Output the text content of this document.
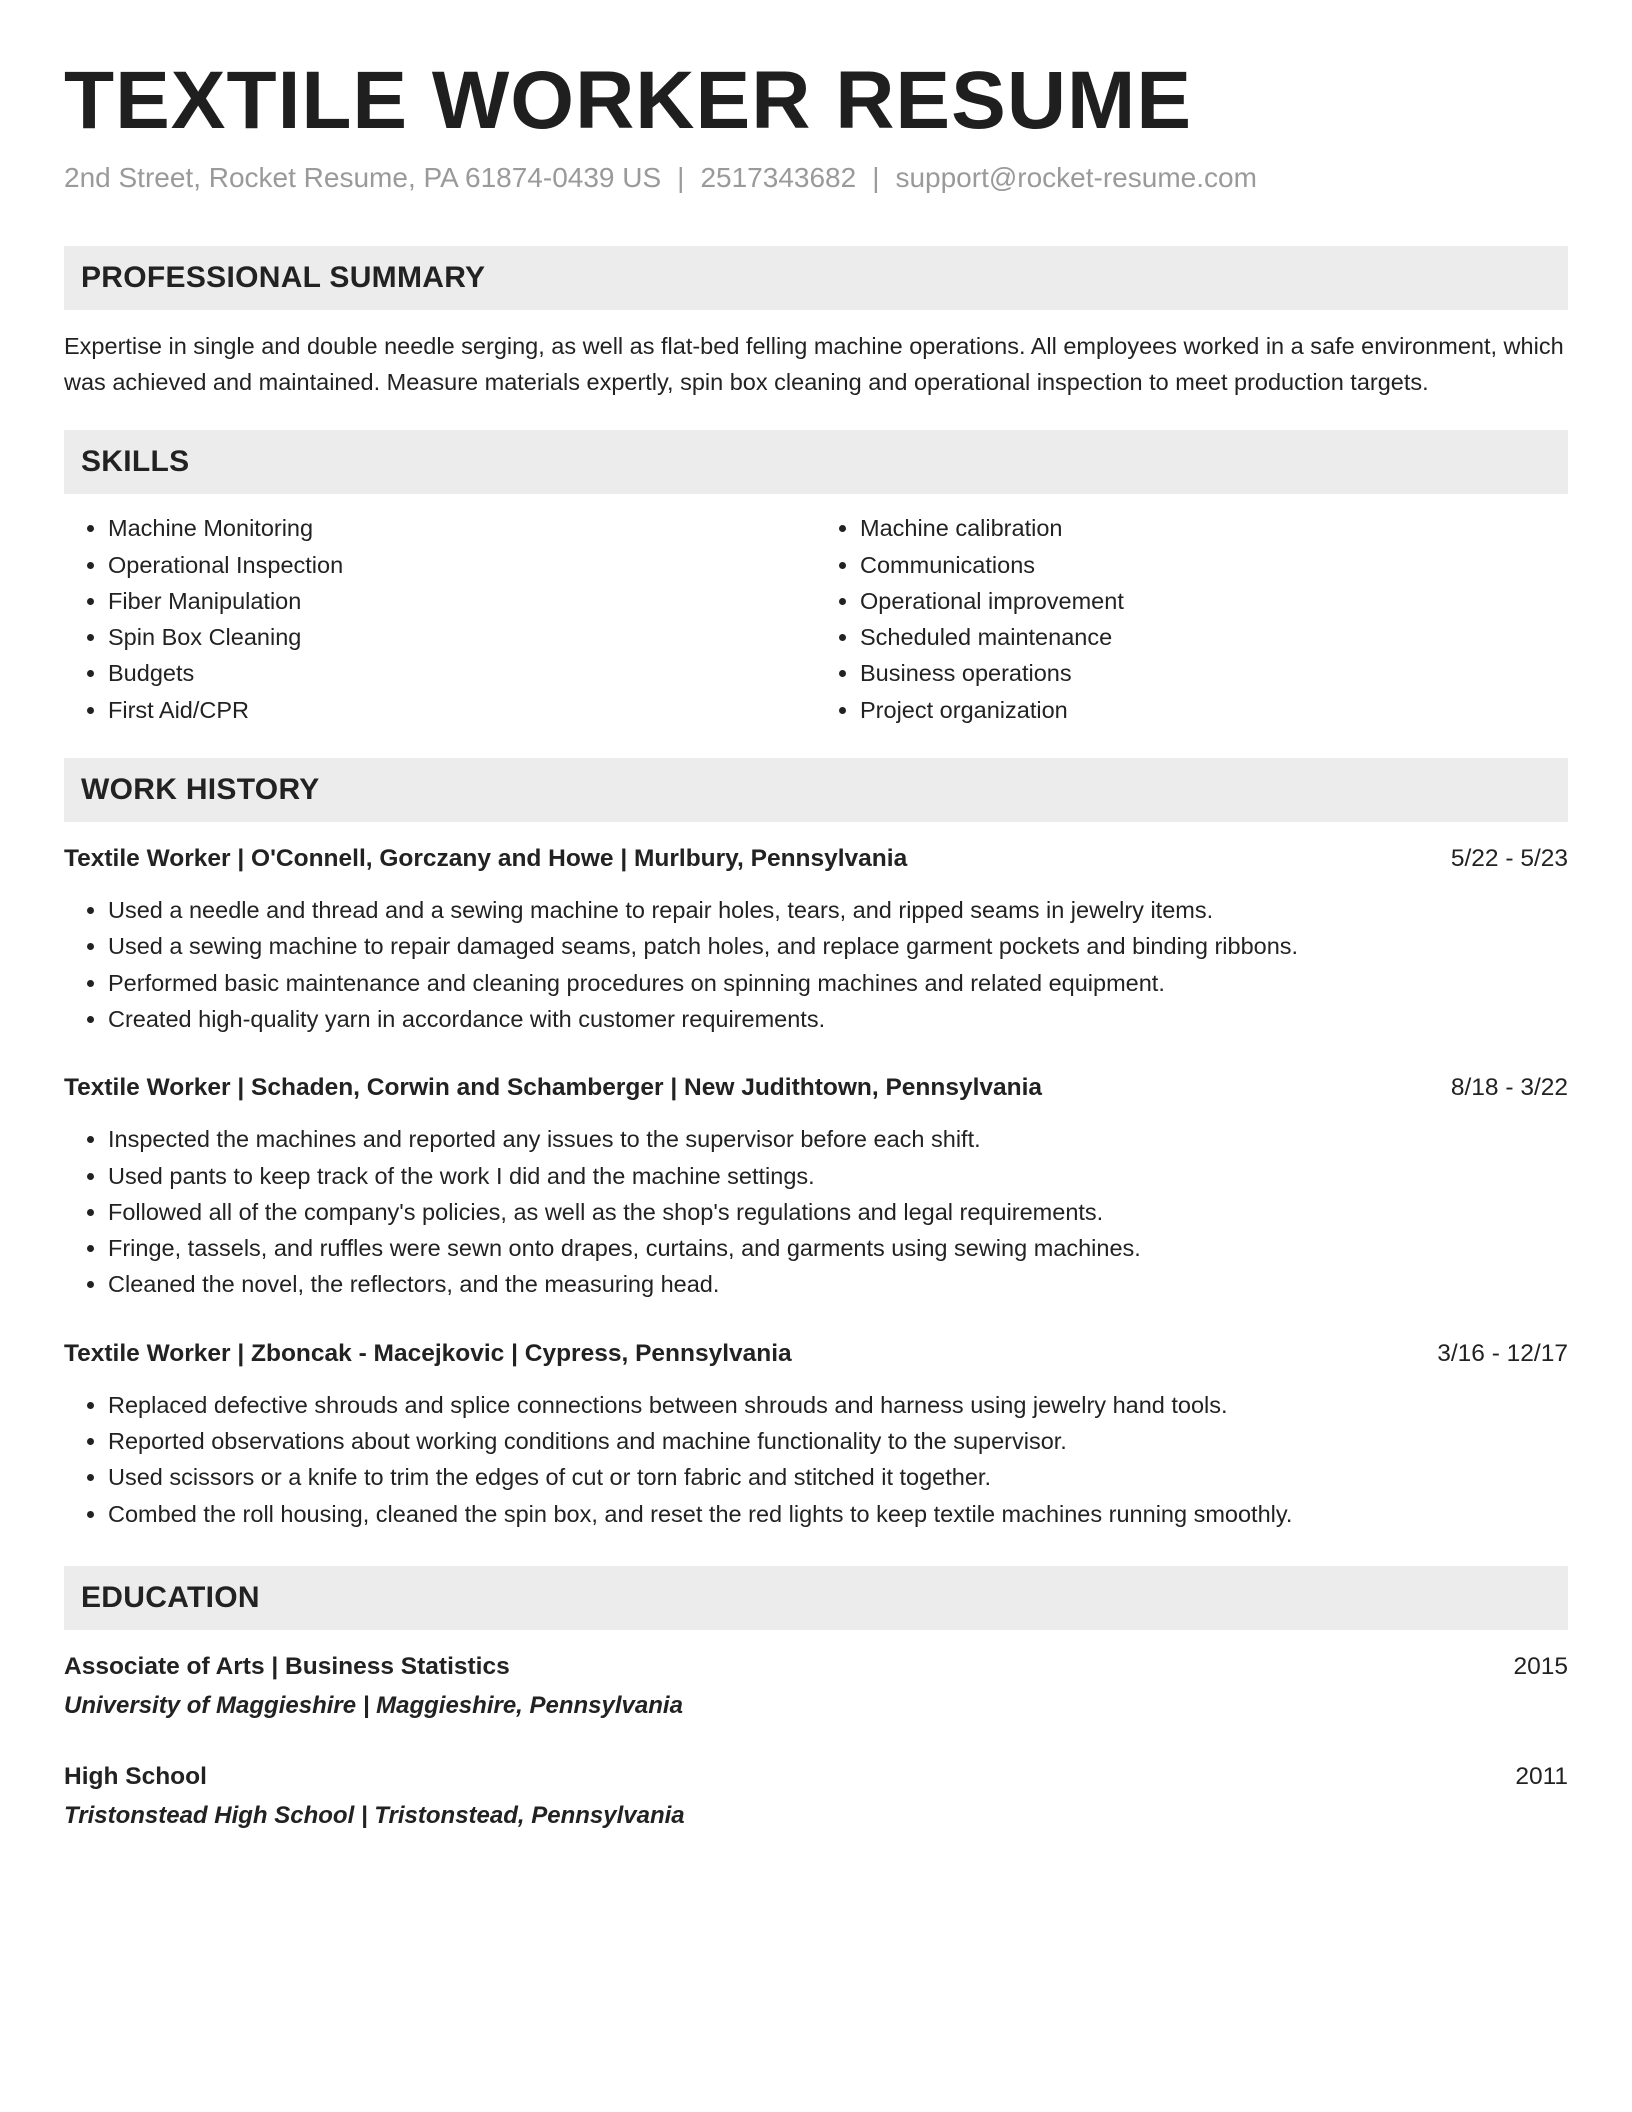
TEXTILE WORKER RESUME
2nd Street, Rocket Resume, PA 61874-0439 US | 2517343682 | support@rocket-resume.com
PROFESSIONAL SUMMARY

Expertise in single and double needle serging, as well as flat-bed felling machine operations. All employees worked in a safe environment, which was achieved and maintained. Measure materials expertly, spin box cleaning and operational inspection to meet production targets.

SKILLS
• Machine Monitoring
• Operational Inspection
• Fiber Manipulation
• Spin Box Cleaning
• Budgets
• First Aid/CPR
• Machine calibration
• Communications
• Operational improvement
• Scheduled maintenance
• Business operations
• Project organization
WORK HISTORY
Textile Worker | O'Connell, Gorczany and Howe | Murlbury, Pennsylvania	5/22 - 5/23
• Used a needle and thread and a sewing machine to repair holes, tears, and ripped seams in jewelry items.
• Used a sewing machine to repair damaged seams, patch holes, and replace garment pockets and binding ribbons.
• Performed basic maintenance and cleaning procedures on spinning machines and related equipment.
• Created high-quality yarn in accordance with customer requirements.
Textile Worker | Schaden, Corwin and Schamberger | New Judithtown, Pennsylvania	8/18 - 3/22
• Inspected the machines and reported any issues to the supervisor before each shift.
• Used pants to keep track of the work I did and the machine settings.
• Followed all of the company's policies, as well as the shop's regulations and legal requirements.
• Fringe, tassels, and ruffles were sewn onto drapes, curtains, and garments using sewing machines.
• Cleaned the novel, the reflectors, and the measuring head.
Textile Worker | Zboncak - Macejkovic | Cypress, Pennsylvania	3/16 - 12/17
• Replaced defective shrouds and splice connections between shrouds and harness using jewelry hand tools.
• Reported observations about working conditions and machine functionality to the supervisor.
• Used scissors or a knife to trim the edges of cut or torn fabric and stitched it together.
• Combed the roll housing, cleaned the spin box, and reset the red lights to keep textile machines running smoothly.
EDUCATION
Associate of Arts | Business Statistics	2015
University of Maggieshire | Maggieshire, Pennsylvania
High School	2011
Tristonstead High School | Tristonstead, Pennsylvania
